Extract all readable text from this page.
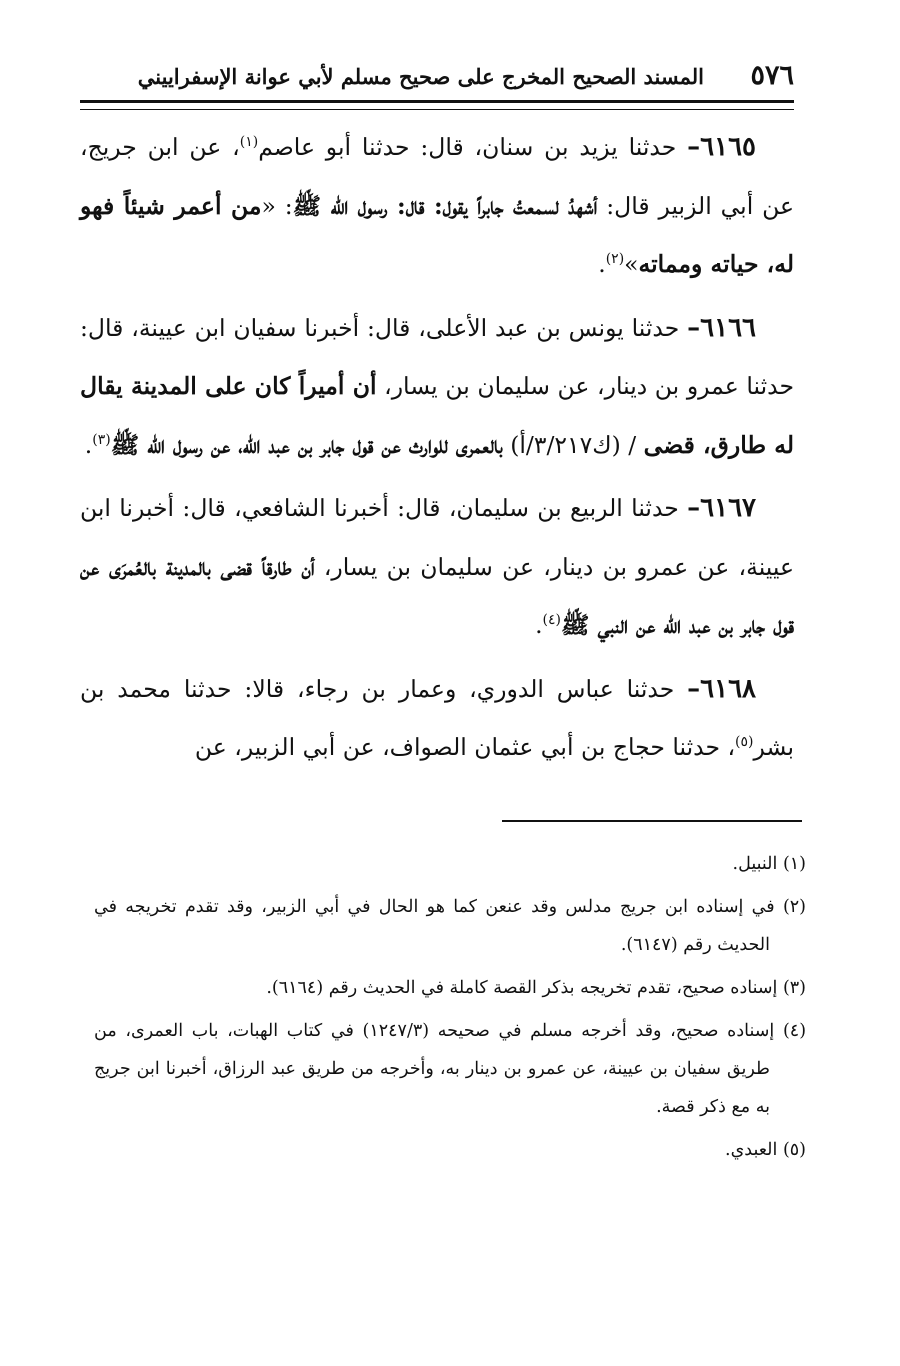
٥٧٦
المسند الصحيح المخرج على صحيح مسلم لأبي عوانة الإسفراييني

٦١٦٥– حدثنا يزيد بن سنان، قال: حدثنا أبو عاصم$^{(١)}$، عن ابن جريج، عن أبي الزبير قال: أشهدُ لسمعتُ جابراً يقول: قال: رسول الله ﷺ: «من أعمر شيئاً فهو له، حياته ومماته»$^{(٢)}$.

٦١٦٦– حدثنا يونس بن عبد الأعلى، قال: أخبرنا سفيان ابن عيينة، قال: حدثنا عمرو بن دينار، عن سليمان بن يسار، أن أميراً كان على المدينة يقال له طارق، قضى / (ك٣/٢١٧/أ) بالعمرى للوارث عن قول جابر بن عبد الله، عن رسول الله ﷺ$^{(٣)}$.

٦١٦٧– حدثنا الربيع بن سليمان، قال: أخبرنا الشافعي، قال: أخبرنا ابن عيينة، عن عمرو بن دينار، عن سليمان بن يسار، أن طارقاً قضى بالمدينة بالعُمرَى عن قول جابر بن عبد الله عن النبي ﷺ$^{(٤)}$.

٦١٦٨– حدثنا عباس الدوري، وعمار بن رجاء، قالا: حدثنا محمد بن بشر$^{(٥)}$، حدثنا حجاج بن أبي عثمان الصواف، عن أبي الزبير، عن

(١) النبيل.

(٢) في إسناده ابن جريج مدلس وقد عنعن كما هو الحال في أبي الزبير، وقد تقدم تخريجه في الحديث رقم (٦١٤٧).

(٣) إسناده صحيح، تقدم تخريجه بذكر القصة كاملة في الحديث رقم (٦١٦٤).

(٤) إسناده صحيح، وقد أخرجه مسلم في صحيحه (١٢٤٧/٣) في كتاب الهبات، باب العمرى، من طريق سفيان بن عيينة، عن عمرو بن دينار به، وأخرجه من طريق عبد الرزاق، أخبرنا ابن جريج به مع ذكر قصة.

(٥) العبدي.
